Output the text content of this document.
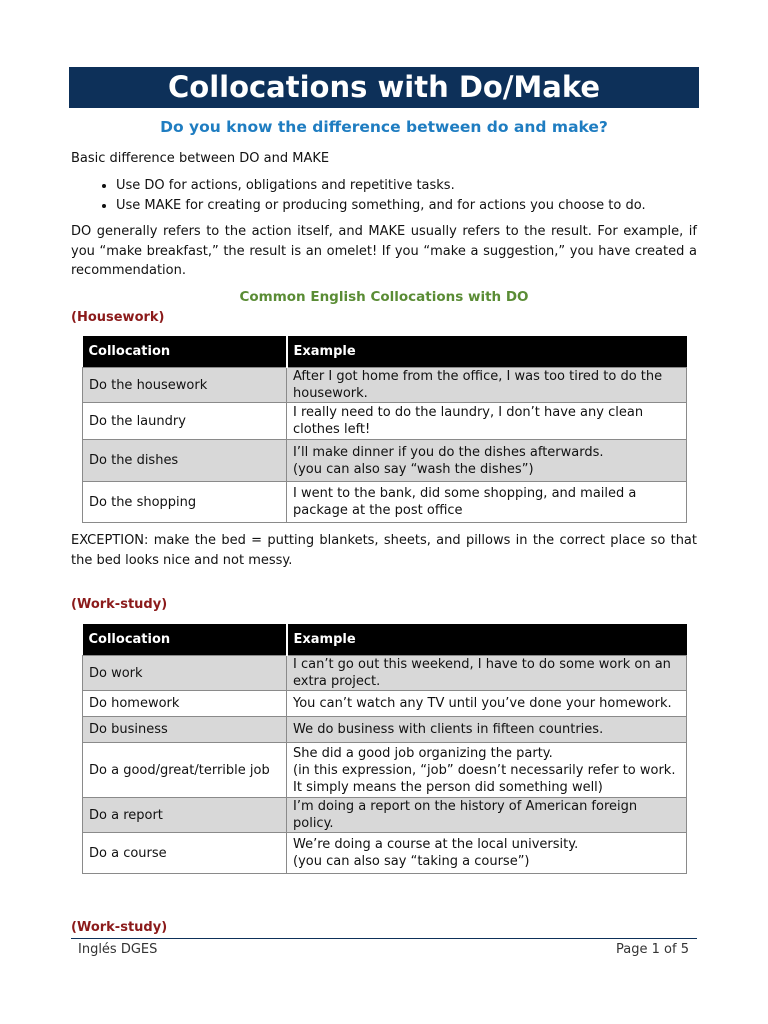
Collocations with Do/Make
Do you know the difference between do and make?
Basic difference between DO and MAKE
• Use DO for actions, obligations and repetitive tasks.
• Use MAKE for creating or producing something, and for actions you choose to do.
DO generally refers to the action itself, and MAKE usually refers to the result. For example, if you “make breakfast,” the result is an omelet! If you “make a suggestion,” you have created a recommendation.
Common English Collocations with DO
(Housework)
Collocation	Example
Do the housework	After I got home from the office, I was too tired to do the housework.

Do the laundry	I really need to do the laundry, I don’t have any clean clothes left!

Do the dishes	I’ll make dinner if you do the dishes afterwards.
(you can also say “wash the dishes”)

Do the shopping	I went to the bank, did some shopping, and mailed a package at the post office
EXCEPTION: make the bed = putting blankets, sheets, and pillows in the correct place so that the bed looks nice and not messy.
(Work-study)
Collocation	Example
Do work	I can’t go out this weekend, I have to do some work on an extra project.

Do homework	You can’t watch any TV until you’ve done your homework.

Do business	We do business with clients in fifteen countries.

Do a good/great/terrible job	She did a good job organizing the party.
(in this expression, “job” doesn’t necessarily refer to work. It simply means the person did something well)

Do a report	I’m doing a report on the history of American foreign policy.

Do a course	We’re doing a course at the local university.
(you can also say “taking a course”)
(Work-study)
Inglés DGES	Page 1 of 5
